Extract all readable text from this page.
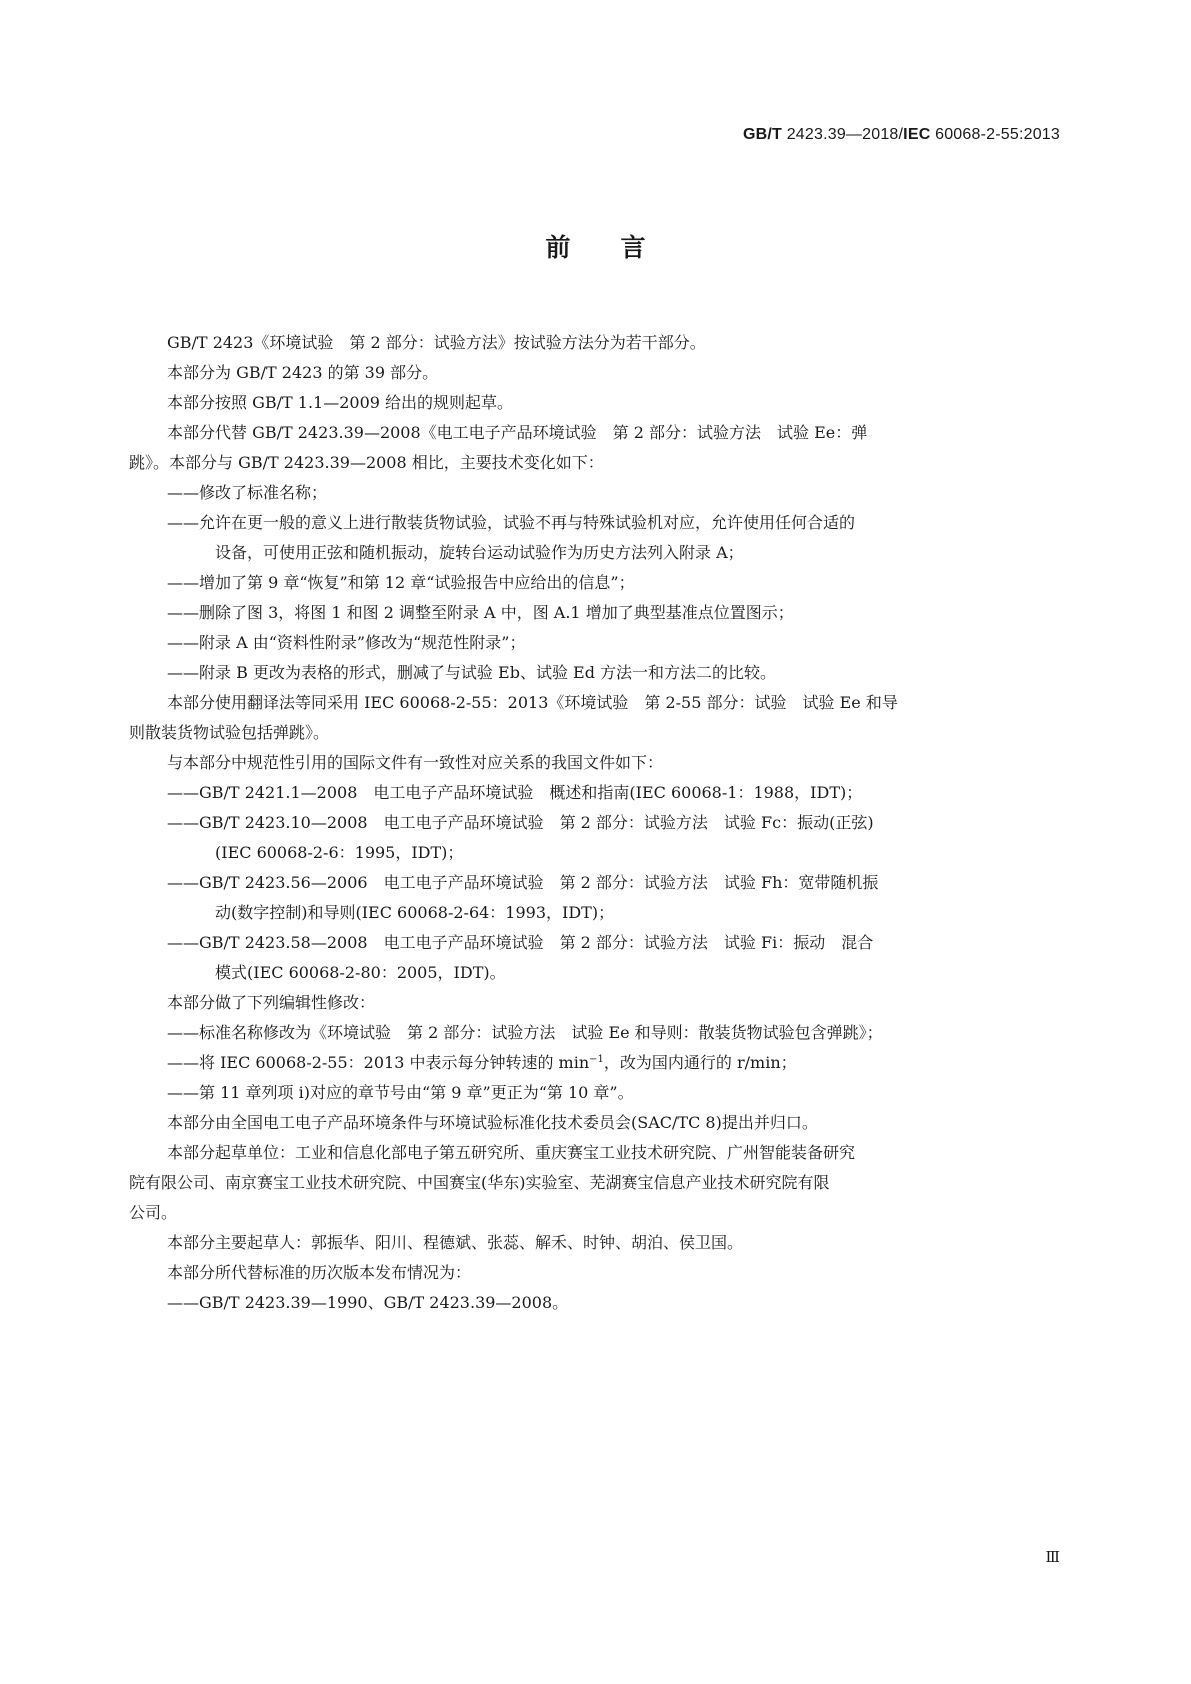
GB/T 2423.39—2018/IEC 60068-2-55:2013
前言
GB/T 2423《环境试验　第 2 部分：试验方法》按试验方法分为若干部分。
本部分为 GB/T 2423 的第 39 部分。
本部分按照 GB/T 1.1—2009 给出的规则起草。
本部分代替 GB/T 2423.39—2008《电工电子产品环境试验　第 2 部分：试验方法　试验 Ee：弹
跳》。本部分与 GB/T 2423.39—2008 相比，主要技术变化如下：
——修改了标准名称；
——允许在更一般的意义上进行散装货物试验，试验不再与特殊试验机对应，允许使用任何合适的
设备，可使用正弦和随机振动，旋转台运动试验作为历史方法列入附录 A；
——增加了第 9 章“恢复”和第 12 章“试验报告中应给出的信息”；
——删除了图 3，将图 1 和图 2 调整至附录 A 中，图 A.1 增加了典型基准点位置图示；
——附录 A 由“资料性附录”修改为“规范性附录”；
——附录 B 更改为表格的形式，删减了与试验 Eb、试验 Ed 方法一和方法二的比较。
本部分使用翻译法等同采用 IEC 60068-2-55：2013《环境试验　第 2-55 部分：试验　试验 Ee 和导
则散装货物试验包括弹跳》。
与本部分中规范性引用的国际文件有一致性对应关系的我国文件如下：
——GB/T 2421.1—2008　电工电子产品环境试验　概述和指南(IEC 60068-1：1988，IDT)；
——GB/T 2423.10—2008　电工电子产品环境试验　第 2 部分：试验方法　试验 Fc：振动(正弦)
(IEC 60068-2-6：1995，IDT)；
——GB/T 2423.56—2006　电工电子产品环境试验　第 2 部分：试验方法　试验 Fh：宽带随机振
动(数字控制)和导则(IEC 60068-2-64：1993，IDT)；
——GB/T 2423.58—2008　电工电子产品环境试验　第 2 部分：试验方法　试验 Fi：振动　混合
模式(IEC 60068-2-80：2005，IDT)。
本部分做了下列编辑性修改：
——标准名称修改为《环境试验　第 2 部分：试验方法　试验 Ee 和导则：散装货物试验包含弹跳》；
——将 IEC 60068-2-55：2013 中表示每分钟转速的 $\min^{-1}$，改为国内通行的 r/min；
——第 11 章列项 i)对应的章节号由“第 9 章”更正为“第 10 章”。
本部分由全国电工电子产品环境条件与环境试验标准化技术委员会(SAC/TC 8)提出并归口。
本部分起草单位：工业和信息化部电子第五研究所、重庆赛宝工业技术研究院、广州智能装备研究
院有限公司、南京赛宝工业技术研究院、中国赛宝(华东)实验室、芜湖赛宝信息产业技术研究院有限
公司。
本部分主要起草人：郭振华、阳川、程德斌、张蕊、解禾、时钟、胡泊、侯卫国。
本部分所代替标准的历次版本发布情况为：
——GB/T 2423.39—1990、GB/T 2423.39—2008。
Ⅲ
